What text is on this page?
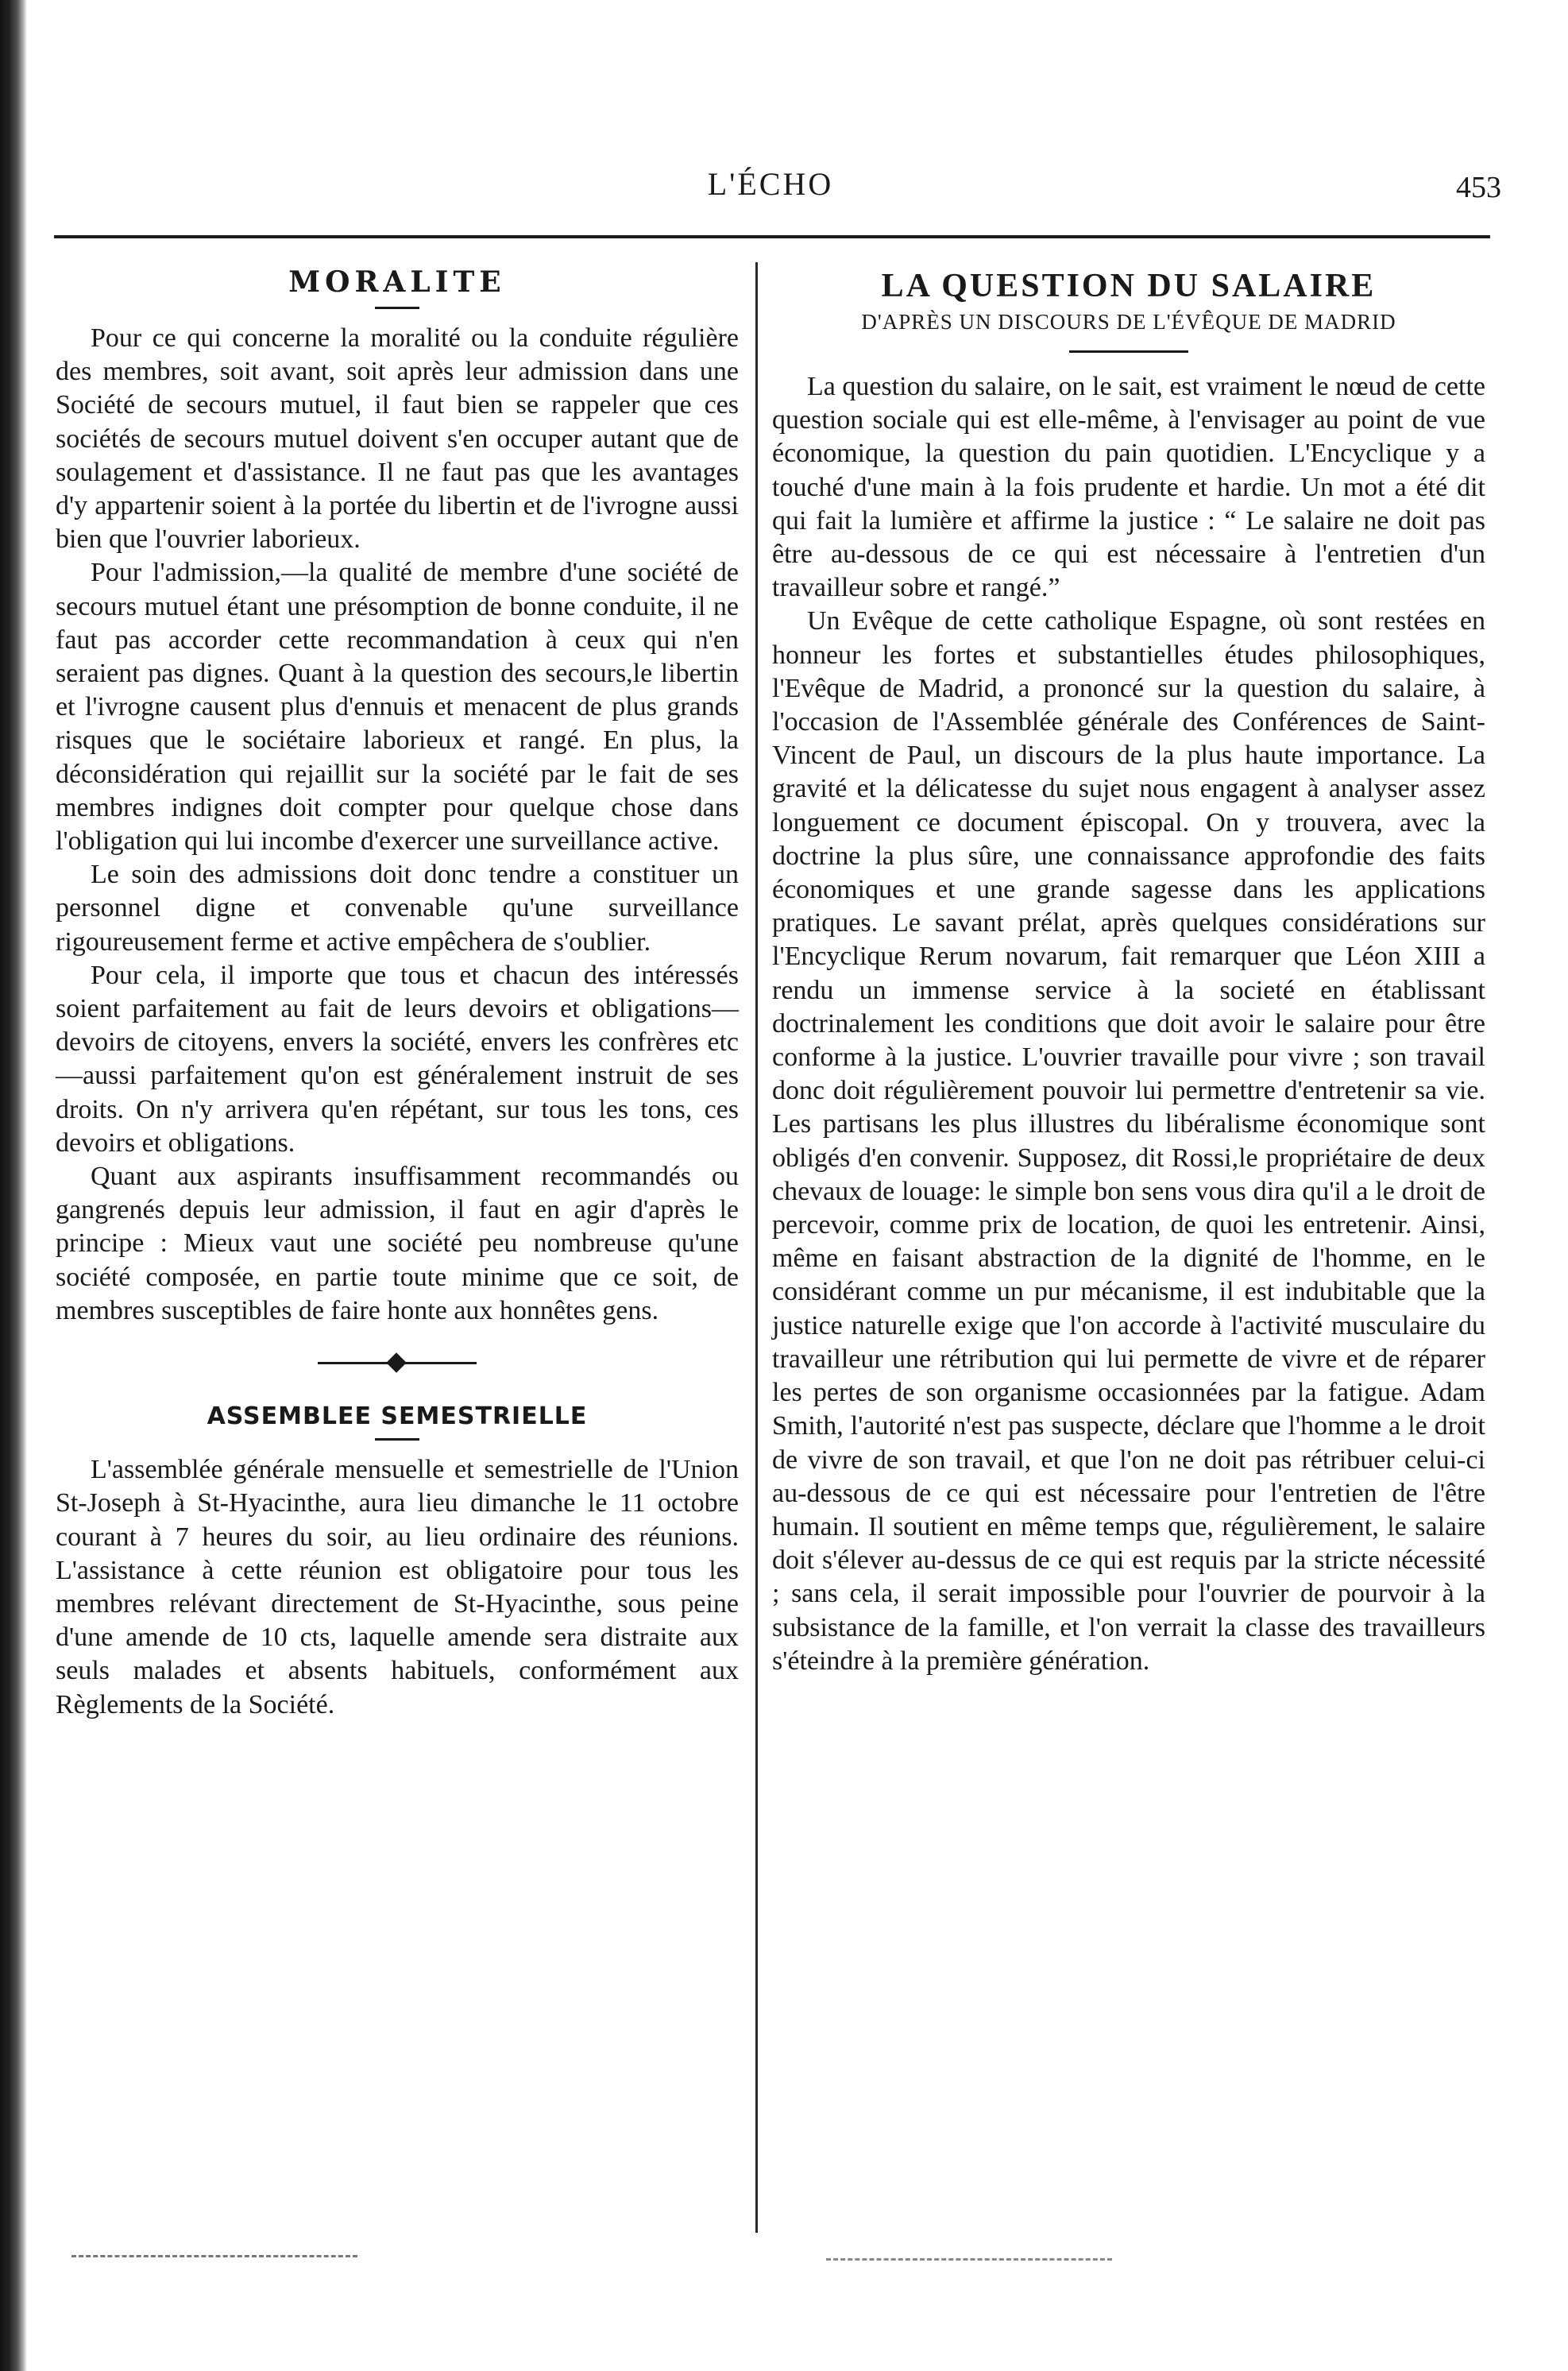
L'ÉCHO	453
MORALITE

Pour ce qui concerne la moralité ou la conduite régulière des membres, soit avant, soit après leur admission dans une Société de secours mutuel, il faut bien se rappeler que ces sociétés de secours mutuel doivent s'en occuper autant que de soulagement et d'assistance. Il ne faut pas que les avantages d'y appartenir soient à la portée du libertin et de l'ivrogne aussi bien que l'ouvrier laborieux.

Pour l'admission,—la qualité de membre d'une société de secours mutuel étant une présomption de bonne conduite, il ne faut pas accorder cette recommandation à ceux qui n'en seraient pas dignes. Quant à la question des secours,le libertin et l'ivrogne causent plus d'ennuis et menacent de plus grands risques que le sociétaire laborieux et rangé. En plus, la déconsidération qui rejaillit sur la société par le fait de ses membres indignes doit compter pour quelque chose dans l'obligation qui lui incombe d'exercer une surveillance active.

Le soin des admissions doit donc tendre a constituer un personnel digne et convenable qu'une surveillance rigoureusement ferme et active empêchera de s'oublier.

Pour cela, il importe que tous et chacun des intéressés soient parfaitement au fait de leurs devoirs et obligations—devoirs de citoyens, envers la société, envers les confrères etc—aussi parfaitement qu'on est généralement instruit de ses droits. On n'y arrivera qu'en répétant, sur tous les tons, ces devoirs et obligations.

Quant aux aspirants insuffisamment recommandés ou gangrenés depuis leur admission, il faut en agir d'après le principe : Mieux vaut une société peu nombreuse qu'une société composée, en partie toute minime que ce soit, de membres susceptibles de faire honte aux honnêtes gens.

ASSEMBLEE SEMESTRIELLE

L'assemblée générale mensuelle et semestrielle de l'Union St-Joseph à St-Hyacinthe, aura lieu dimanche le 11 octobre courant à 7 heures du soir, au lieu ordinaire des réunions. L'assistance à cette réunion est obligatoire pour tous les membres relévant directement de St-Hyacinthe, sous peine d'une amende de 10 cts, laquelle amende sera distraite aux seuls malades et absents habituels, conformément aux Règlements de la Société.

LA QUESTION DU SALAIRE
D'APRÈS UN DISCOURS DE L'ÉVÊQUE DE MADRID

La question du salaire, on le sait, est vraiment le nœud de cette question sociale qui est elle-même, à l'envisager au point de vue économique, la question du pain quotidien. L'Encyclique y a touché d'une main à la fois prudente et hardie. Un mot a été dit qui fait la lumière et affirme la justice : “ Le salaire ne doit pas être au-dessous de ce qui est nécessaire à l'entretien d'un travailleur sobre et rangé.”

Un Evêque de cette catholique Espagne, où sont restées en honneur les fortes et substantielles études philosophiques, l'Evêque de Madrid, a prononcé sur la question du salaire, à l'occasion de l'Assemblée générale des Conférences de Saint-Vincent de Paul, un discours de la plus haute importance. La gravité et la délicatesse du sujet nous engagent à analyser assez longuement ce document épiscopal. On y trouvera, avec la doctrine la plus sûre, une connaissance approfondie des faits économiques et une grande sagesse dans les applications pratiques. Le savant prélat, après quelques considérations sur l'Encyclique Rerum novarum, fait remarquer que Léon XIII a rendu un immense service à la societé en établissant doctrinalement les conditions que doit avoir le salaire pour être conforme à la justice. L'ouvrier travaille pour vivre ; son travail donc doit régulièrement pouvoir lui permettre d'entretenir sa vie. Les partisans les plus illustres du libéralisme économique sont obligés d'en convenir. Supposez, dit Rossi,le propriétaire de deux chevaux de louage: le simple bon sens vous dira qu'il a le droit de percevoir, comme prix de location, de quoi les entretenir. Ainsi, même en faisant abstraction de la dignité de l'homme, en le considérant comme un pur mécanisme, il est indubitable que la justice naturelle exige que l'on accorde à l'activité musculaire du travailleur une rétribution qui lui permette de vivre et de réparer les pertes de son organisme occasionnées par la fatigue. Adam Smith, l'autorité n'est pas suspecte, déclare que l'homme a le droit de vivre de son travail, et que l'on ne doit pas rétribuer celui-ci au-dessous de ce qui est nécessaire pour l'entretien de l'être humain. Il soutient en même temps que, régulièrement, le salaire doit s'élever au-dessus de ce qui est requis par la stricte nécessité ; sans cela, il serait impossible pour l'ouvrier de pourvoir à la subsistance de la famille, et l'on verrait la classe des travailleurs s'éteindre à la première génération.
